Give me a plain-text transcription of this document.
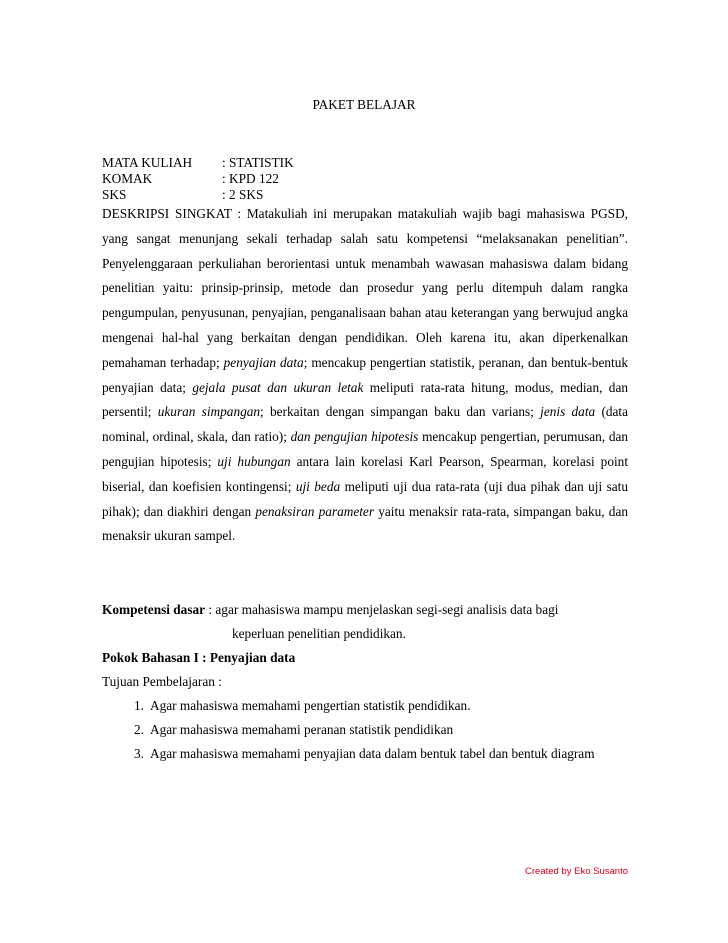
PAKET BELAJAR
MATA KULIAH	: STATISTIK
KOMAK	: KPD 122
SKS	: 2 SKS

DESKRIPSI SINGKAT : Matakuliah ini merupakan matakuliah wajib bagi mahasiswa PGSD, yang sangat menunjang sekali terhadap salah satu kompetensi “melaksanakan penelitian”. Penyelenggaraan perkuliahan berorientasi untuk menambah wawasan mahasiswa dalam bidang penelitian yaitu: prinsip-prinsip, metode dan prosedur yang perlu ditempuh dalam rangka pengumpulan, penyusunan, penyajian, penganalisaan bahan atau keterangan yang berwujud angka mengenai hal-hal yang berkaitan dengan pendidikan. Oleh karena itu, akan diperkenalkan pemahaman terhadap; penyajian data; mencakup pengertian statistik, peranan, dan bentuk-bentuk penyajian data; gejala pusat dan ukuran letak meliputi rata-rata hitung, modus, median, dan persentil; ukuran simpangan; berkaitan dengan simpangan baku dan varians; jenis data (data nominal, ordinal, skala, dan ratio); dan pengujian hipotesis mencakup pengertian, perumusan, dan pengujian hipotesis; uji hubungan antara lain korelasi Karl Pearson, Spearman, korelasi point biserial, dan koefisien kontingensi; uji beda meliputi uji dua rata-rata (uji dua pihak dan uji satu pihak); dan diakhiri dengan penaksiran parameter yaitu menaksir rata-rata, simpangan baku, dan menaksir ukuran sampel.

Kompetensi dasar : agar mahasiswa mampu menjelaskan segi-segi analisis data bagi
keperluan penelitian pendidikan.

Pokok Bahasan I : Penyajian data
Tujuan Pembelajaran :
1. Agar mahasiswa memahami pengertian statistik pendidikan.
2. Agar mahasiswa memahami peranan statistik pendidikan
3. Agar mahasiswa memahami penyajian data dalam bentuk tabel dan bentuk diagram
Created by Eko Susanto
